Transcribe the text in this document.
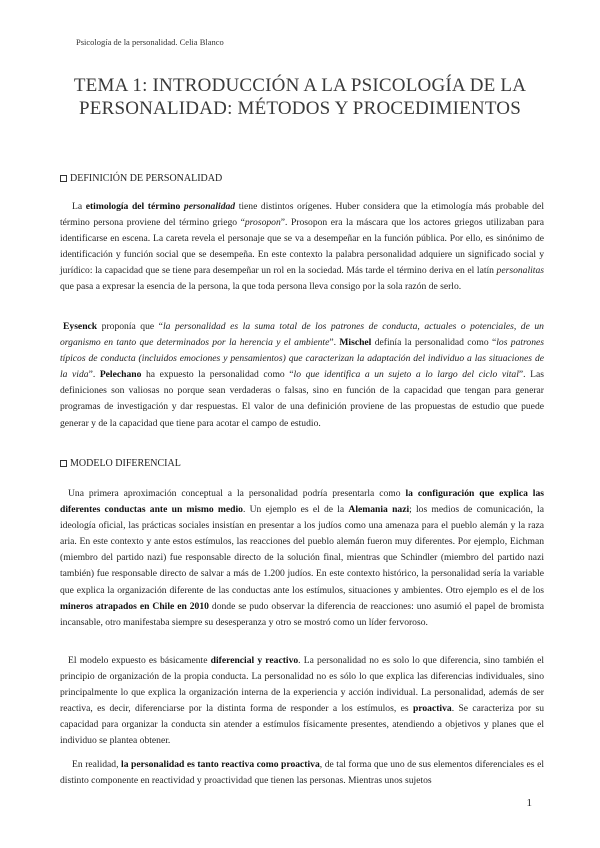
Psicología de la personalidad. Celia Blanco
TEMA 1: INTRODUCCIÓN A LA PSICOLOGÍA DE LA PERSONALIDAD: MÉTODOS Y PROCEDIMIENTOS
DEFINICIÓN DE PERSONALIDAD

La etimología del término personalidad tiene distintos orígenes. Huber considera que la etimología más probable del término persona proviene del término griego “prosopon”. Prosopon era la máscara que los actores griegos utilizaban para identificarse en escena. La careta revela el personaje que se va a desempeñar en la función pública. Por ello, es sinónimo de identificación y función social que se desempeña. En este contexto la palabra personalidad adquiere un significado social y jurídico: la capacidad que se tiene para desempeñar un rol en la sociedad. Más tarde el término deriva en el latín personalitas que pasa a expresar la esencia de la persona, la que toda persona lleva consigo por la sola razón de serlo.

Eysenck proponía que “la personalidad es la suma total de los patrones de conducta, actuales o potenciales, de un organismo en tanto que determinados por la herencia y el ambiente”. Mischel definía la personalidad como “los patrones típicos de conducta (incluidos emociones y pensamientos) que caracterizan la adaptación del individuo a las situaciones de la vida”. Pelechano ha expuesto la personalidad como “lo que identifica a un sujeto a lo largo del ciclo vital”. Las definiciones son valiosas no porque sean verdaderas o falsas, sino en función de la capacidad que tengan para generar programas de investigación y dar respuestas. El valor de una definición proviene de las propuestas de estudio que puede generar y de la capacidad que tiene para acotar el campo de estudio.

MODELO DIFERENCIAL

Una primera aproximación conceptual a la personalidad podría presentarla como la configuración que explica las diferentes conductas ante un mismo medio. Un ejemplo es el de la Alemania nazi; los medios de comunicación, la ideología oficial, las prácticas sociales insistían en presentar a los judíos como una amenaza para el pueblo alemán y la raza aria. En este contexto y ante estos estímulos, las reacciones del pueblo alemán fueron muy diferentes. Por ejemplo, Eichman (miembro del partido nazi) fue responsable directo de la solución final, mientras que Schindler (miembro del partido nazi también) fue responsable directo de salvar a más de 1.200 judíos. En este contexto histórico, la personalidad sería la variable que explica la organización diferente de las conductas ante los estímulos, situaciones y ambientes. Otro ejemplo es el de los mineros atrapados en Chile en 2010 donde se pudo observar la diferencia de reacciones: uno asumió el papel de bromista incansable, otro manifestaba siempre su desesperanza y otro se mostró como un líder fervoroso.

El modelo expuesto es básicamente diferencial y reactivo. La personalidad no es solo lo que diferencia, sino también el principio de organización de la propia conducta. La personalidad no es sólo lo que explica las diferencias individuales, sino principalmente lo que explica la organización interna de la experiencia y acción individual. La personalidad, además de ser reactiva, es decir, diferenciarse por la distinta forma de responder a los estímulos, es proactiva. Se caracteriza por su capacidad para organizar la conducta sin atender a estímulos físicamente presentes, atendiendo a objetivos y planes que el individuo se plantea obtener.

En realidad, la personalidad es tanto reactiva como proactiva, de tal forma que uno de sus elementos diferenciales es el distinto componente en reactividad y proactividad que tienen las personas. Mientras unos sujetos

1
